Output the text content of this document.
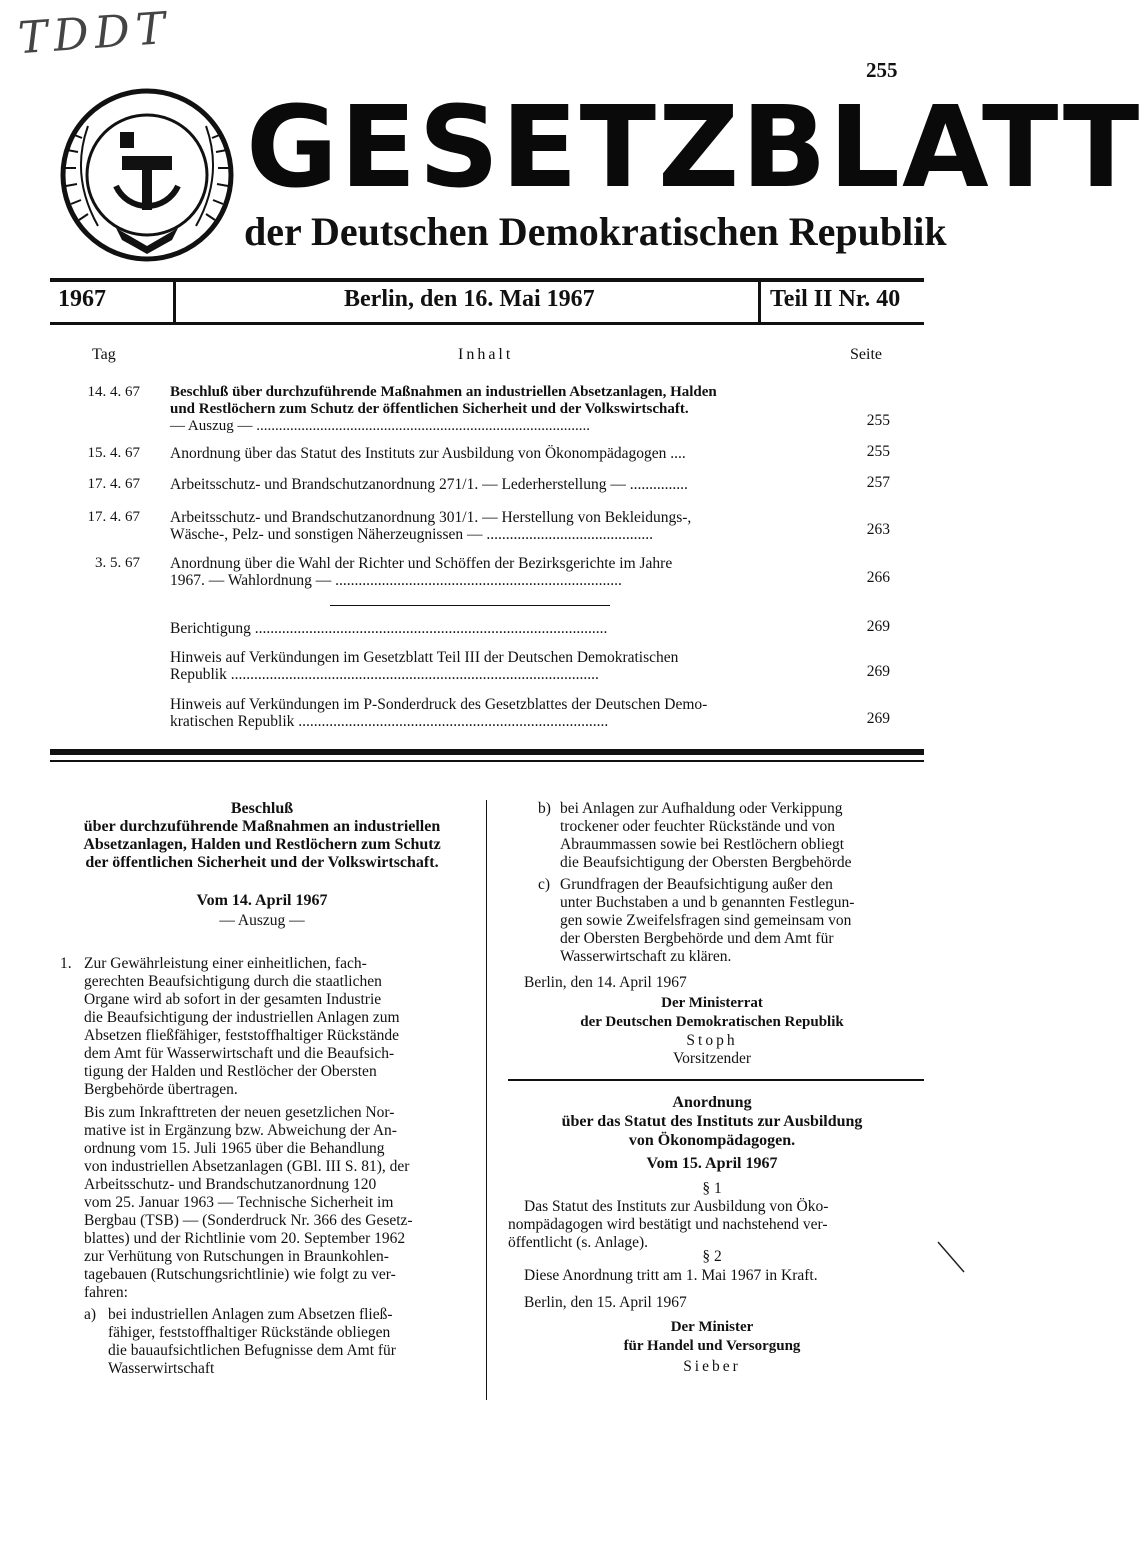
TDDT
255
GESETZBLATT
der Deutschen Demokratischen Republik
1967	Berlin, den 16. Mai 1967	Teil II Nr. 40
Tag	Inhalt	Seite
14. 4. 67 Beschluß über durchzuführende Maßnahmen an industriellen Absetzanlagen, Halden
und Restlöchern zum Schutz der öffentlichen Sicherheit und der Volkswirtschaft.
— Auszug — .........................................................................................	255
15. 4. 67 Anordnung über das Statut des Instituts zur Ausbildung von Ökonompädagogen ....	255
17. 4. 67 Arbeitsschutz- und Brandschutzanordnung 271/1. — Lederherstellung — ...............	257
17. 4. 67 Arbeitsschutz- und Brandschutzanordnung 301/1. — Herstellung von Bekleidungs-,
Wäsche-, Pelz- und sonstigen Näherzeugnissen — ...........................................	263
3. 5. 67 Anordnung über die Wahl der Richter und Schöffen der Bezirksgerichte im Jahre
1967. — Wahlordnung — ..........................................................................	266
Berichtigung ...........................................................................................	269
Hinweis auf Verkündungen im Gesetzblatt Teil III der Deutschen Demokratischen
Republik ...............................................................................................	269
Hinweis auf Verkündungen im P-Sonderdruck des Gesetzblattes der Deutschen Demo-
kratischen Republik ................................................................................	269
Beschluß
über durchzuführende Maßnahmen an industriellen
Absetzanlagen, Halden und Restlöchern zum Schutz
der öffentlichen Sicherheit und der Volkswirtschaft.
Vom 14. April 1967
— Auszug —
1. Zur Gewährleistung einer einheitlichen, fach-
gerechten Beaufsichtigung durch die staatlichen
Organe wird ab sofort in der gesamten Industrie
die Beaufsichtigung der industriellen Anlagen zum
Absetzen fließfähiger, feststoffhaltiger Rückstände
dem Amt für Wasserwirtschaft und die Beaufsich-
tigung der Halden und Restlöcher der Obersten
Bergbehörde übertragen.
Bis zum Inkrafttreten der neuen gesetzlichen Nor-
mative ist in Ergänzung bzw. Abweichung der An-
ordnung vom 15. Juli 1965 über die Behandlung
von industriellen Absetzanlagen (GBl. III S. 81), der
Arbeitsschutz- und Brandschutzanordnung 120
vom 25. Januar 1963 — Technische Sicherheit im
Bergbau (TSB) — (Sonderdruck Nr. 366 des Gesetz-
blattes) und der Richtlinie vom 20. September 1962
zur Verhütung von Rutschungen in Braunkohlen-
tagebauen (Rutschungsrichtlinie) wie folgt zu ver-
fahren:
a) bei industriellen Anlagen zum Absetzen fließ-
fähiger, feststoffhaltiger Rückstände obliegen
die bauaufsichtlichen Befugnisse dem Amt für
Wasserwirtschaft
b) bei Anlagen zur Aufhaldung oder Verkippung
trockener oder feuchter Rückstände und von
Abraummassen sowie bei Restlöchern obliegt
die Beaufsichtigung der Obersten Bergbehörde
c) Grundfragen der Beaufsichtigung außer den
unter Buchstaben a und b genannten Festlegun-
gen sowie Zweifelsfragen sind gemeinsam von
der Obersten Bergbehörde und dem Amt für
Wasserwirtschaft zu klären.
Berlin, den 14. April 1967
Der Ministerrat
der Deutschen Demokratischen Republik
Stoph
Vorsitzender
Anordnung
über das Statut des Instituts zur Ausbildung
von Ökonompädagogen.
Vom 15. April 1967
§ 1
Das Statut des Instituts zur Ausbildung von Öko-
nompädagogen wird bestätigt und nachstehend ver-
öffentlicht (s. Anlage).
§ 2
Diese Anordnung tritt am 1. Mai 1967 in Kraft.
Berlin, den 15. April 1967
Der Minister
für Handel und Versorgung
Sieber
